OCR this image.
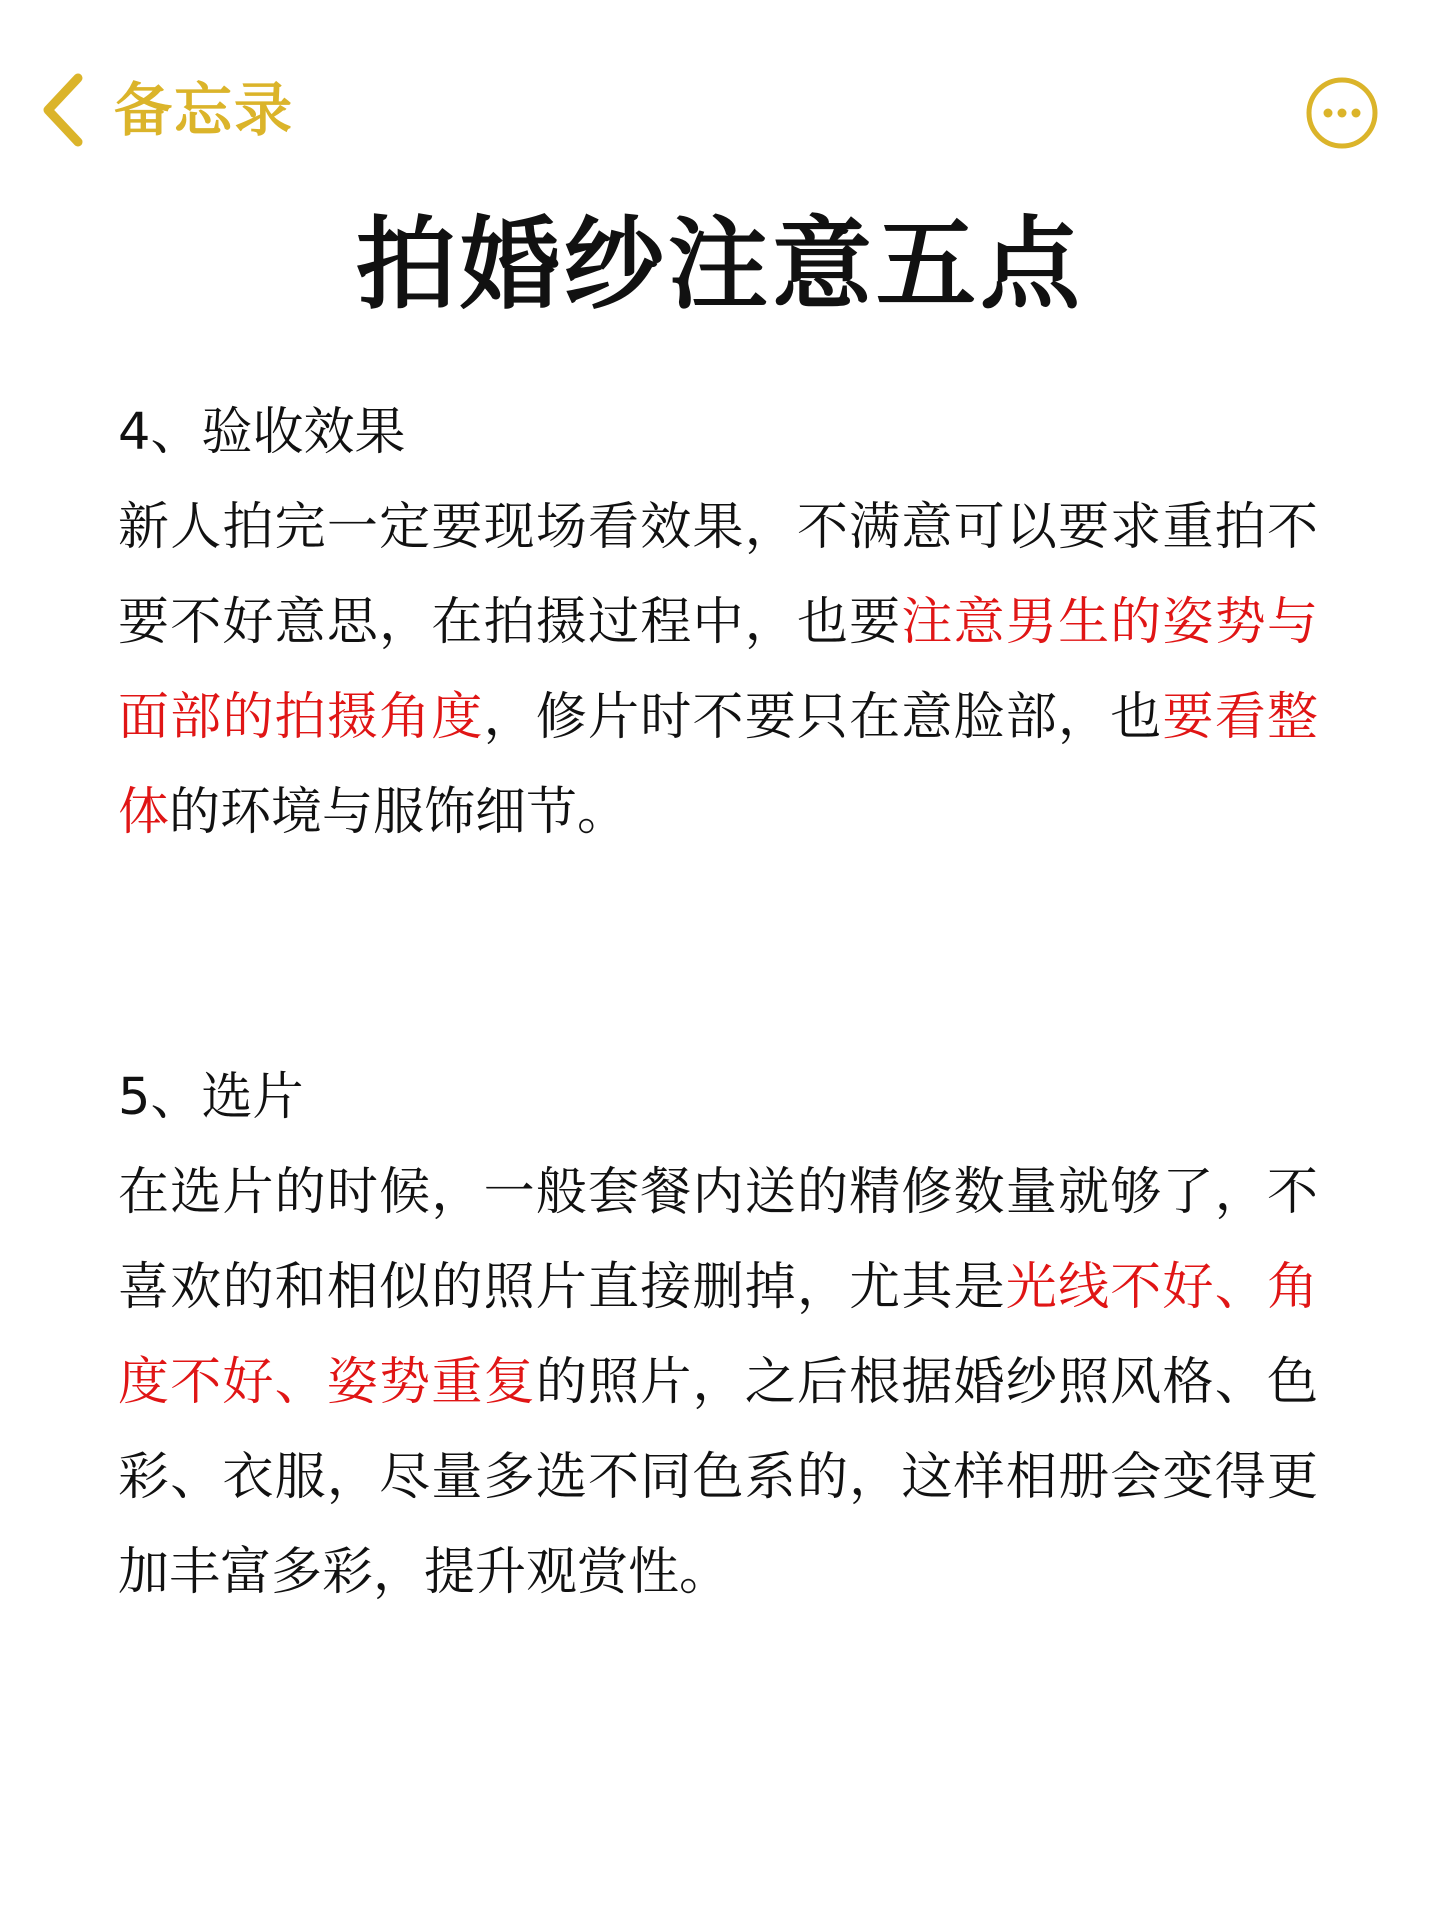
备忘录
拍婚纱注意五点
4、验收效果

新人拍完一定要现场看效果，不满意可以要求重拍不要不好意思，在拍摄过程中，也要注意男生的姿势与面部的拍摄角度，修片时不要只在意脸部，也要看整体的环境与服饰细节。

5、选片

在选片的时候，一般套餐内送的精修数量就够了，不喜欢的和相似的照片直接删掉，尤其是光线不好、角度不好、姿势重复的照片，之后根据婚纱照风格、色彩、衣服，尽量多选不同色系的，这样相册会变得更加丰富多彩，提升观赏性。
